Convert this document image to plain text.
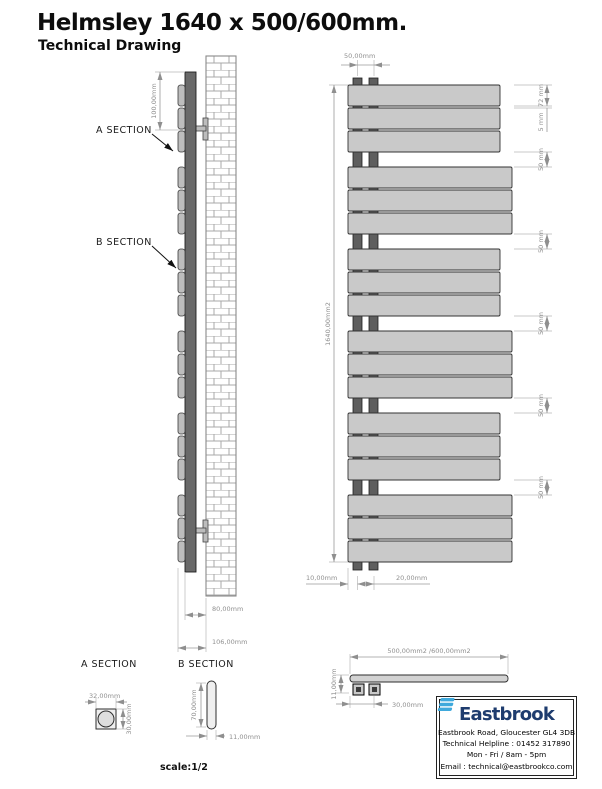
Helmsley 1640 x 500/600mm.
Technical Drawing
100,00mm
A SECTION
B SECTION
80,00mm
106,00mm
50,00mm
1640,00mm2
72 mm
5 mm
50 mm
50 mm
50 mm
50 mm
50 mm
10,00mm	20,00mm
500,00mm2 /600,00mm2
11,00mm
30,00mm
A SECTION
32,00mm
30,00mm
B SECTION
70,00mm
11,00mm
scale:1/2
Eastbrook
Eastbrook Road, Gloucester GL4 3DB
Technical Helpline : 01452 317890
Mon - Fri / 8am - 5pm
Email : technical@eastbrookco.com
